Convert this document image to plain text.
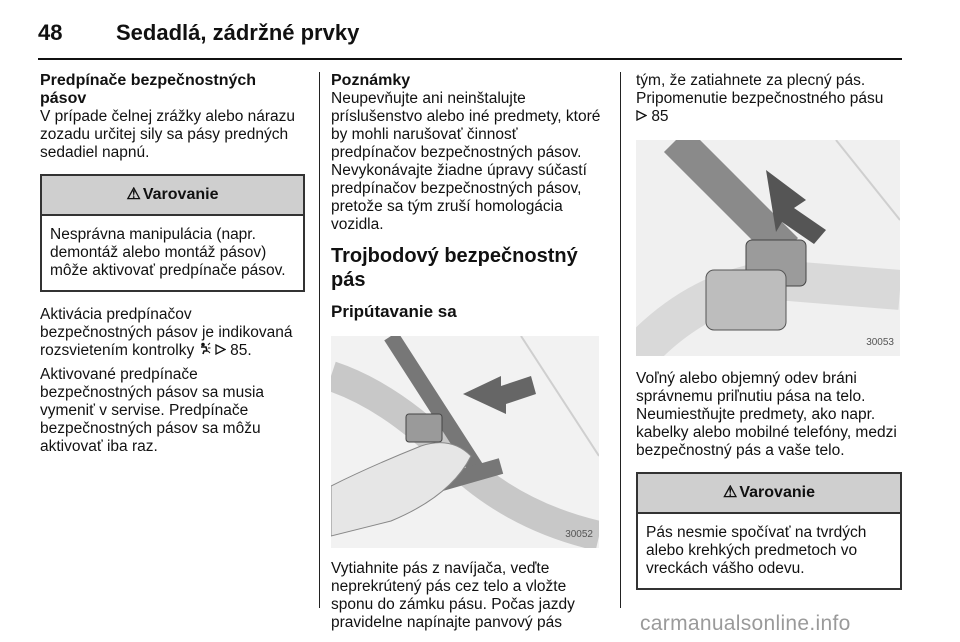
48 Sedadlá, zádržné prvky

Predpínače bezpečnostných pásov

V prípade čelnej zrážky alebo nárazu zozadu určitej sily sa pásy predných sedadiel napnú.

⚠ Varovanie
Nesprávna manipulácia (napr. demontáž alebo montáž pásov) môže aktivovať predpínače pásov.

Aktivácia predpínačov bezpečnostných pásov je indikovaná rozsvietením kontrolky 85.

Aktivované predpínače bezpečnostných pásov sa musia vymeniť v servise. Predpínače bezpečnostných pásov sa môžu aktivovať iba raz.

Poznámky

Neupevňujte ani neinštalujte príslušenstvo alebo iné predmety, ktoré by mohli narušovať činnosť predpínačov bezpečnostných pásov. Nevykonávajte žiadne úpravy súčastí predpínačov bezpečnostných pásov, pretože sa tým zruší homologácia vozidla.

Trojbodový bezpečnostný pás

Pripútavanie sa

30052

Vytiahnite pás z navíjača, veďte neprekrútený pás cez telo a vložte sponu do zámku pásu. Počas jazdy pravidelne napínajte panvový pás

tým, že zatiahnete za plecný pás. Pripomenutie bezpečnostného pásu
85

30053

Voľný alebo objemný odev bráni správnemu priľnutiu pása na telo. Neumiestňujte predmety, ako napr. kabelky alebo mobilné telefóny, medzi bezpečnostný pás a vaše telo.

⚠ Varovanie
Pás nesmie spočívať na tvrdých alebo krehkých predmetoch vo vreckách vášho odevu.
carmanualsonline.info
